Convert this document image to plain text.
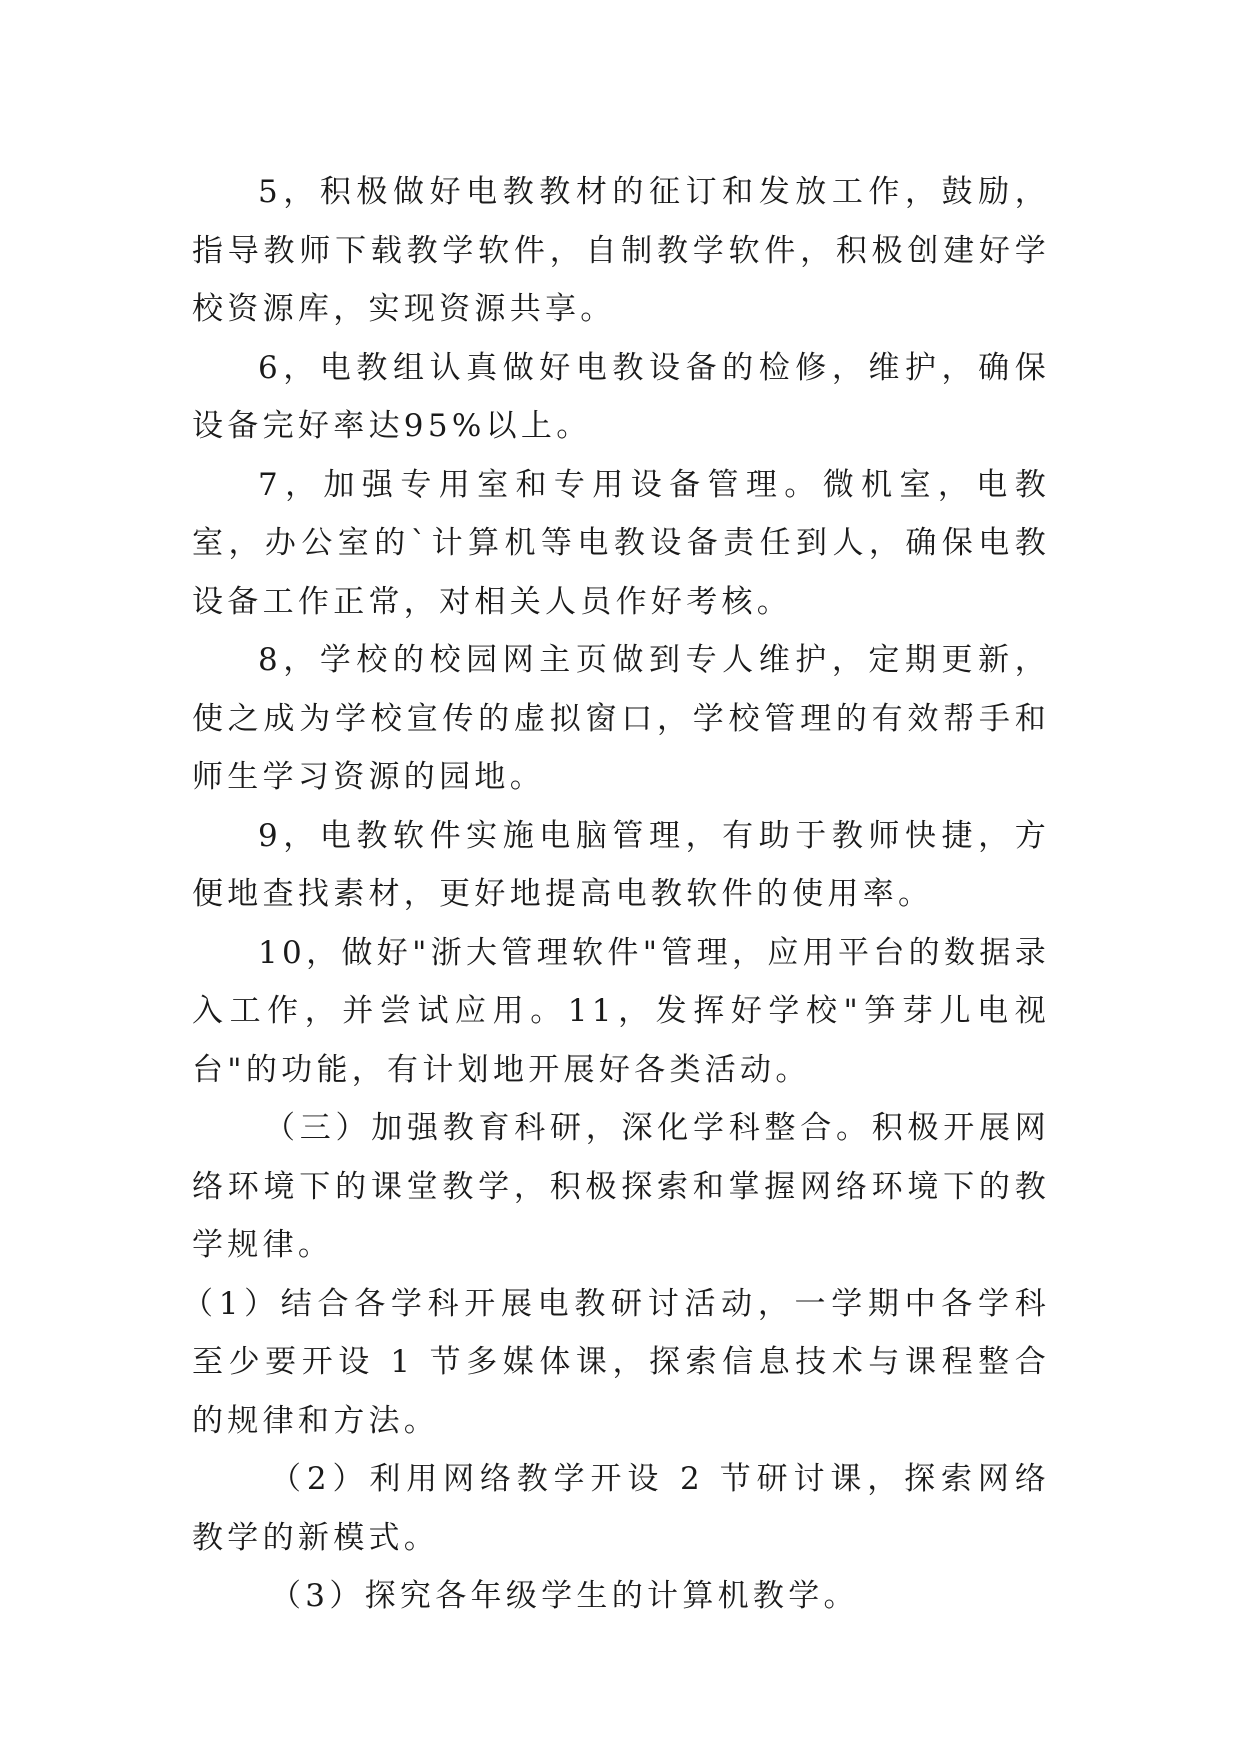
5，积极做好电教教材的征订和发放工作，鼓励，指导教师下载教学软件，自制教学软件，积极创建好学校资源库，实现资源共享。

6，电教组认真做好电教设备的检修，维护，确保设备完好率达95%以上。

7，加强专用室和专用设备管理。微机室，电教室，办公室的`计算机等电教设备责任到人，确保电教设备工作正常，对相关人员作好考核。

8，学校的校园网主页做到专人维护，定期更新，使之成为学校宣传的虚拟窗口，学校管理的有效帮手和师生学习资源的园地。

9，电教软件实施电脑管理，有助于教师快捷，方便地查找素材，更好地提高电教软件的使用率。

10，做好"浙大管理软件"管理，应用平台的数据录入工作，并尝试应用。11，发挥好学校"笋芽儿电视台"的功能，有计划地开展好各类活动。

（三）加强教育科研，深化学科整合。积极开展网络环境下的课堂教学，积极探索和掌握网络环境下的教学规律。

（1）结合各学科开展电教研讨活动，一学期中各学科至少要开设 1 节多媒体课，探索信息技术与课程整合的规律和方法。

（2）利用网络教学开设 2 节研讨课，探索网络教学的新模式。

（3）探究各年级学生的计算机教学。
